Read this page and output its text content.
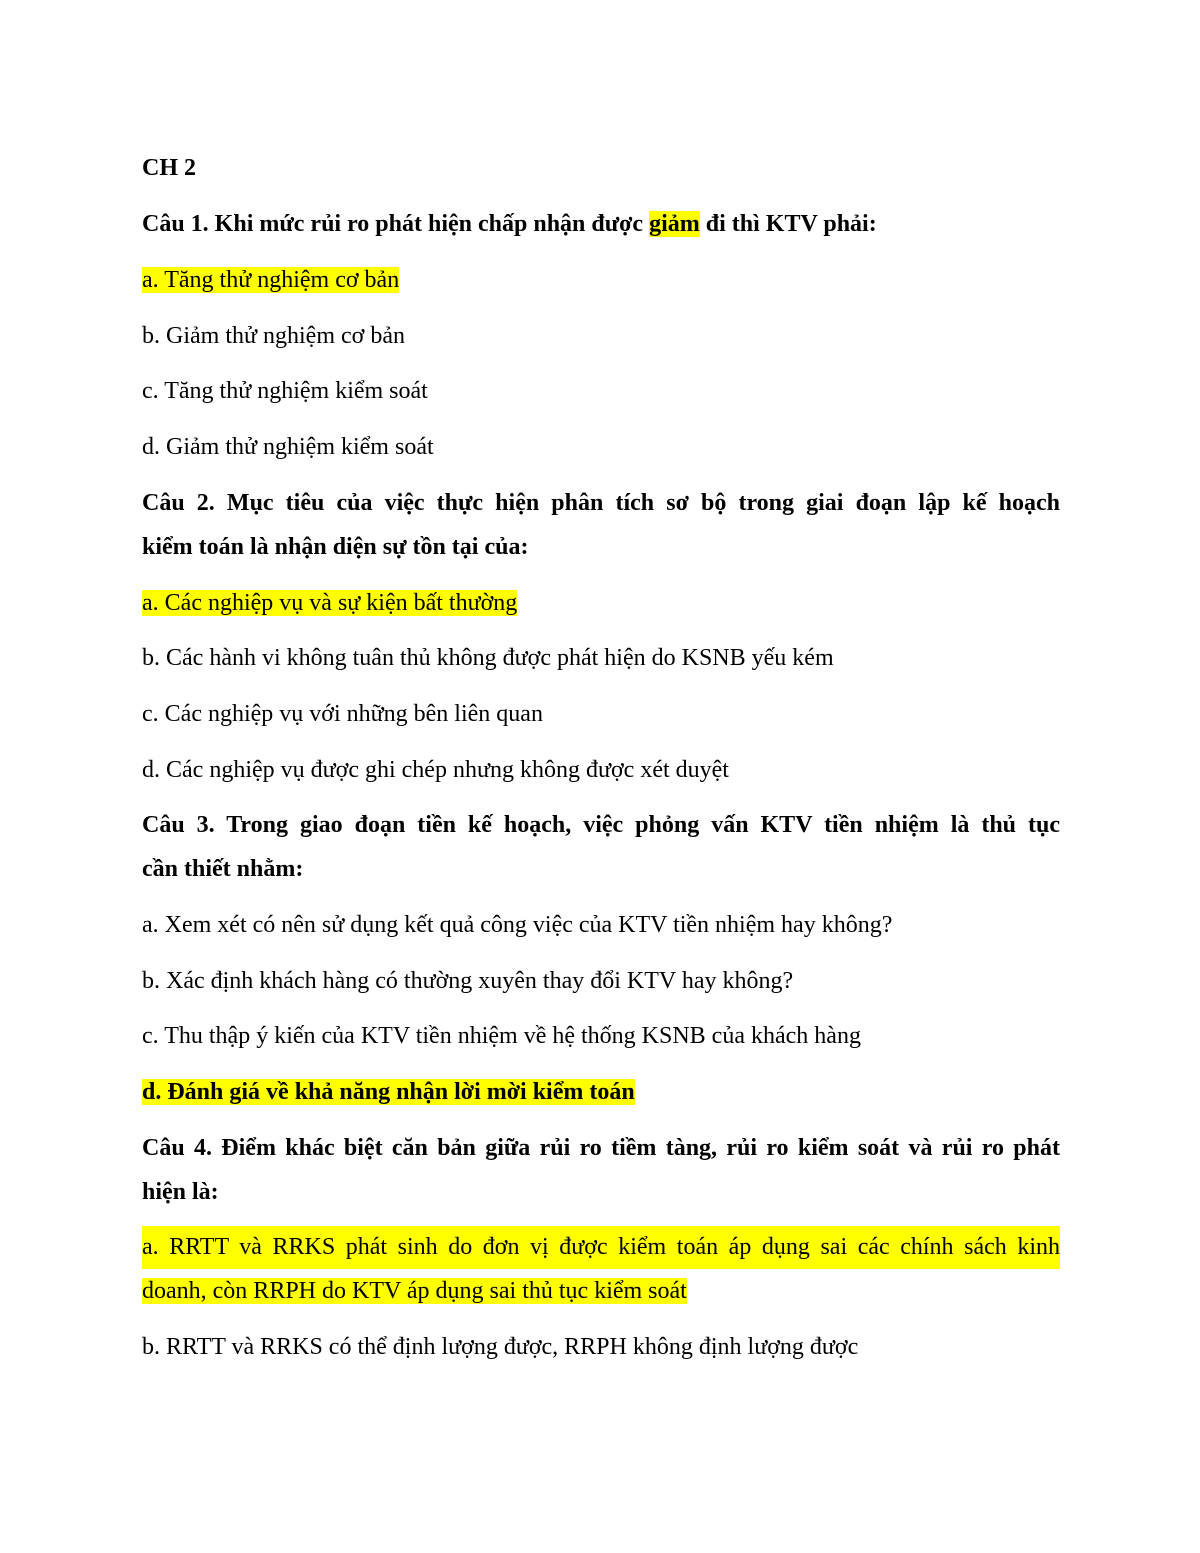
CH 2
Câu 1. Khi mức rủi ro phát hiện chấp nhận được giảm đi thì KTV phải:
a. Tăng thử nghiệm cơ bản
b. Giảm thử nghiệm cơ bản
c. Tăng thử nghiệm kiểm soát
d. Giảm thử nghiệm kiểm soát
Câu 2. Mục tiêu của việc thực hiện phân tích sơ bộ trong giai đoạn lập kế hoạch
kiểm toán là nhận diện sự tồn tại của:
a. Các nghiệp vụ và sự kiện bất thường
b. Các hành vi không tuân thủ không được phát hiện do KSNB yếu kém
c. Các nghiệp vụ với những bên liên quan
d. Các nghiệp vụ được ghi chép nhưng không được xét duyệt
Câu 3. Trong giao đoạn tiền kế hoạch, việc phỏng vấn KTV tiền nhiệm là thủ tục
cần thiết nhằm:
a. Xem xét có nên sử dụng kết quả công việc của KTV tiền nhiệm hay không?
b. Xác định khách hàng có thường xuyên thay đổi KTV hay không?
c. Thu thập ý kiến của KTV tiền nhiệm về hệ thống KSNB của khách hàng
d. Đánh giá về khả năng nhận lời mời kiểm toán
Câu 4. Điểm khác biệt căn bản giữa rủi ro tiềm tàng, rủi ro kiểm soát và rủi ro phát
hiện là:
a. RRTT và RRKS phát sinh do đơn vị được kiểm toán áp dụng sai các chính sách kinh
doanh, còn RRPH do KTV áp dụng sai thủ tục kiểm soát
b. RRTT và RRKS có thể định lượng được, RRPH không định lượng được
